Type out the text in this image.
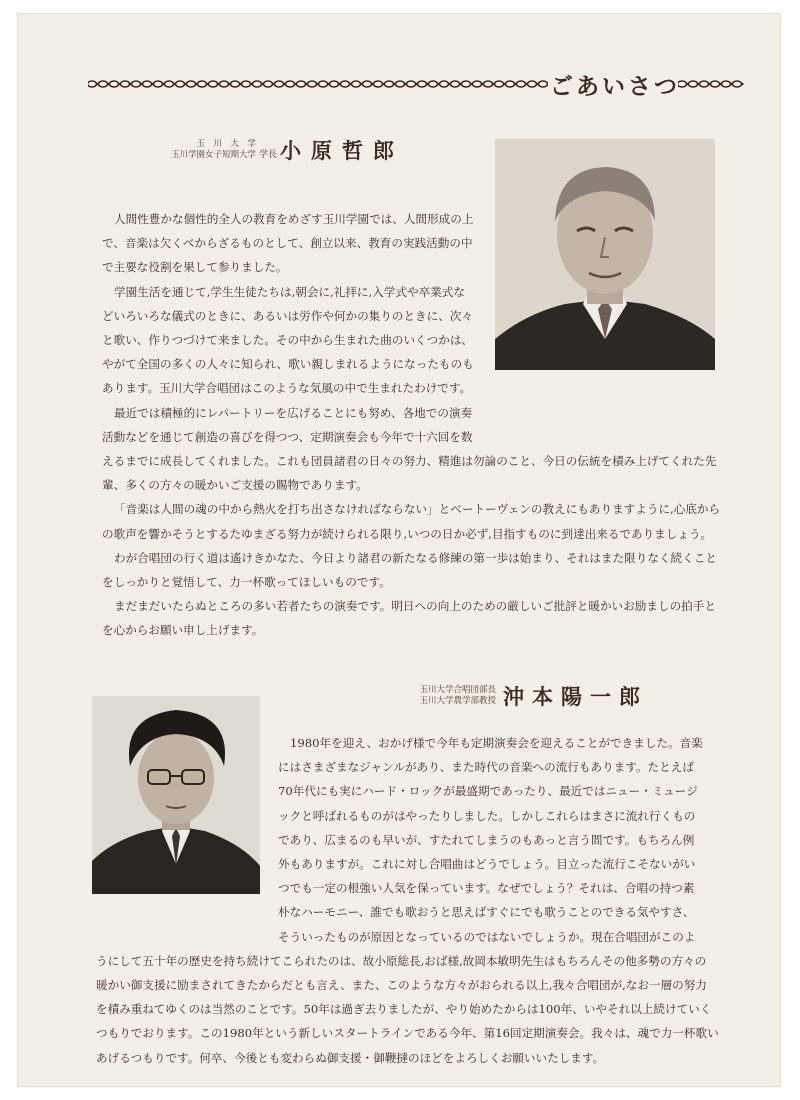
ごあいさつ
玉　川　大　学
玉川学園女子短期大学 学長 小原哲郎
人間性豊かな個性的全人の教育をめざす玉川学園では、人間形成の上
で、音楽は欠くべからざるものとして、創立以来、教育の実践活動の中
で主要な役割を果して参りました。
学園生活を通じて,学生生徒たちは,朝会に,礼拝に,入学式や卒業式な
どいろいろな儀式のときに、あるいは労作や何かの集りのときに、次々
と歌い、作りつづけて来ました。その中から生まれた曲のいくつかは、
やがて全国の多くの人々に知られ、歌い親しまれるようになったものも
あります。玉川大学合唱団はこのような気風の中で生まれたわけです。
最近では積極的にレパートリーを広げることにも努め、各地での演奏
活動などを通じて創造の喜びを得つつ、定期演奏会も今年で十六回を数
えるまでに成長してくれました。これも団員諸君の日々の努力、精進は勿論のこと、今日の伝統を積み上げてくれた先
輩、多くの方々の暖かいご支援の賜物であります。
「音楽は人間の魂の中から熱火を打ち出さなければならない」とベートーヴェンの教えにもありますように,心底から
の歌声を響かそうとするたゆまざる努力が続けられる限り,いつの日か必ず,目指すものに到達出来るでありましょう。
わが合唱団の行く道は遙けきかなた、今日より諸君の新たなる修練の第一歩は始まり、それはまた限りなく続くこと
をしっかりと覚悟して、力一杯歌ってほしいものです。
まだまだいたらぬところの多い若者たちの演奏です。明日への向上のための厳しいご批評と暖かいお励ましの拍手と
を心からお願い申し上げます。
玉川大学合唱団部長
玉川大学農学部教授 沖本陽一郎
1980年を迎え、おかげ様で今年も定期演奏会を迎えることができました。音楽
にはさまざまなジャンルがあり、また時代の音楽への流行もあります。たとえば
70年代にも実にハード・ロックが最盛期であったり、最近ではニュー・ミュージ
ックと呼ばれるものがはやったりしました。しかしこれらはまさに流れ行くもの
であり、広まるのも早いが、すたれてしまうのもあっと言う間です。もちろん例
外もありますが。これに対し合唱曲はどうでしょう。目立った流行こそないがい
つでも一定の根強い人気を保っています。なぜでしょう？それは、合唱の持つ素
朴なハーモニー、誰でも歌おうと思えばすぐにでも歌うことのできる気やすさ、
そういったものが原因となっているのではないでしょうか。現在合唱団がこのよ
うにして五十年の歴史を持ち続けてこられたのは、故小原総長,おば様,故岡本敏明先生はもちろんその他多勢の方々の
暖かい御支援に励まされてきたからだとも言え、また、このような方々がおられる以上,我々合唱団が,なお一層の努力
を積み重ねてゆくのは当然のことです。50年は過ぎ去りましたが、やり始めたからは100年、いやそれ以上続けていく
つもりでおります。この1980年という新しいスタートラインである今年、第16回定期演奏会。我々は、魂で力一杯歌い
あげるつもりです。何卒、今後とも変わらぬ御支援・御鞭撻のほどをよろしくお願いいたします。
